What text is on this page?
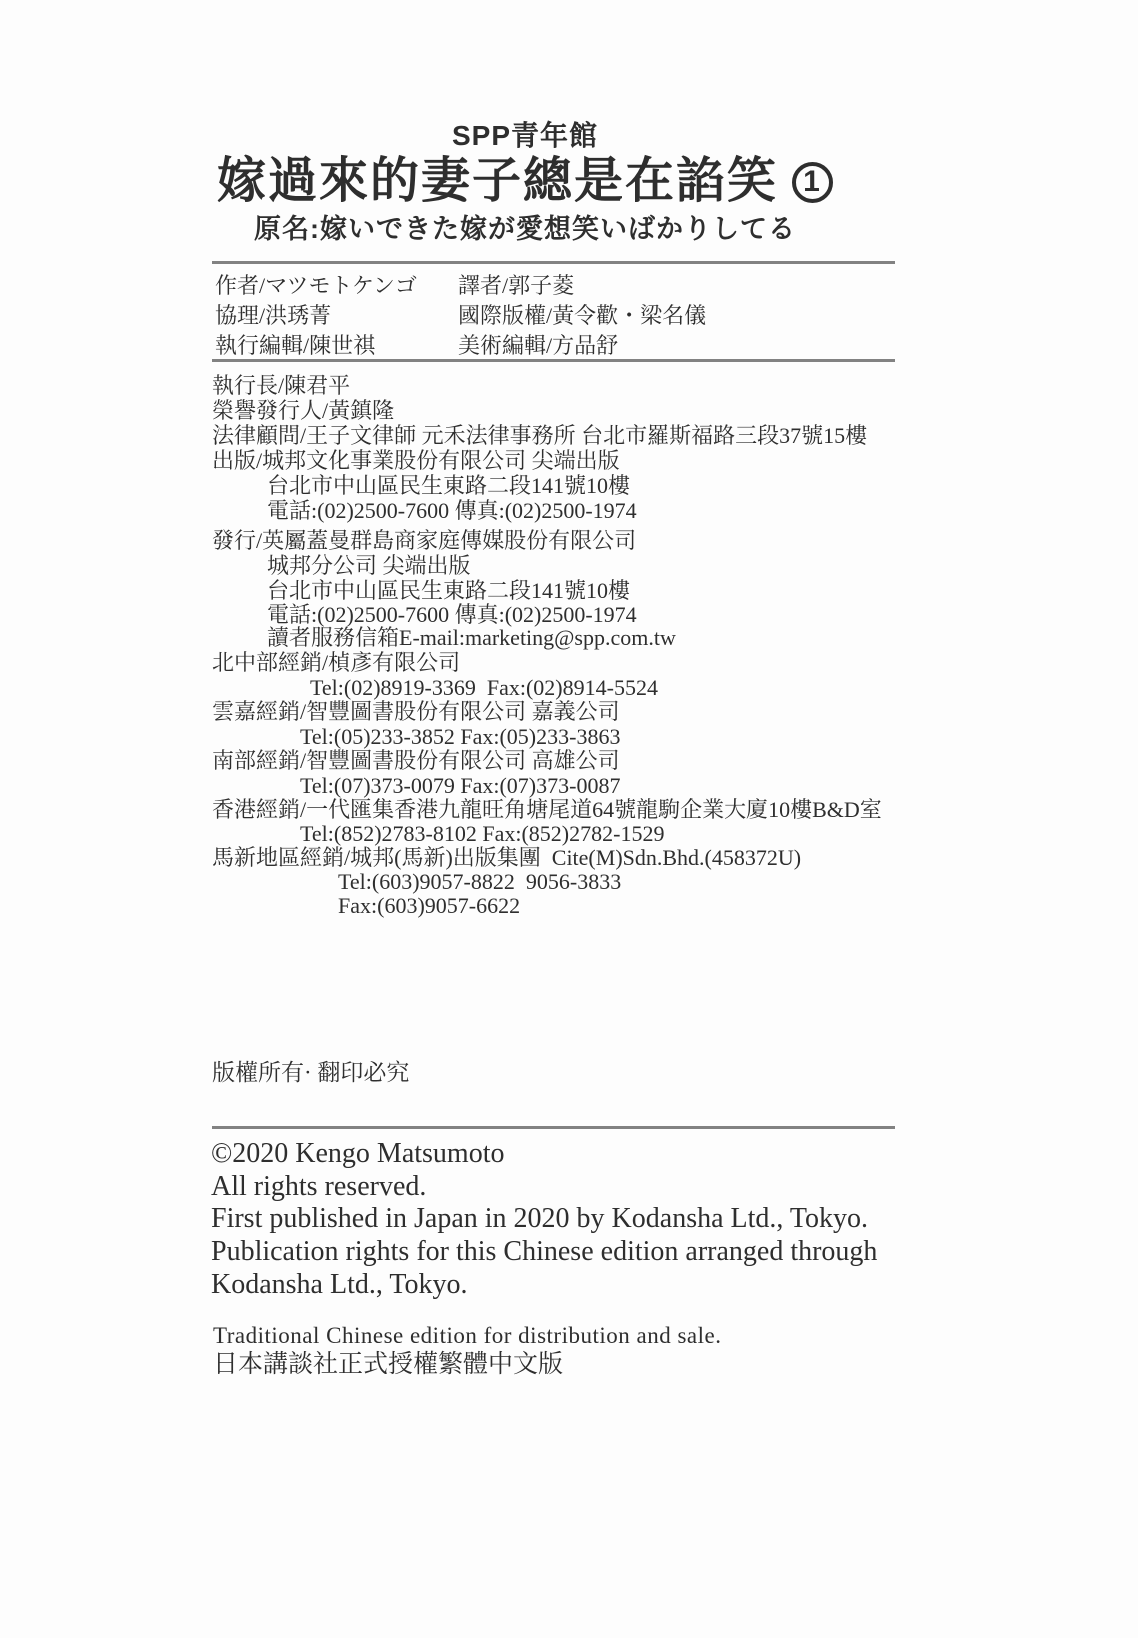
SPP青年館
嫁過來的妻子總是在諂笑 1
原名:嫁いできた嫁が愛想笑いばかりしてる
作者/マツモトケンゴ 譯者/郭子菱
協理/洪琇菁	國際版權/黃令歡・梁名儀
執行編輯/陳世祺	美術編輯/方品舒
執行長/陳君平
榮譽發行人/黃鎮隆
法律顧問/王子文律師 元禾法律事務所 台北市羅斯福路三段37號15樓
出版/城邦文化事業股份有限公司 尖端出版
台北市中山區民生東路二段141號10樓
電話:(02)2500-7600 傳真:(02)2500-1974
發行/英屬蓋曼群島商家庭傳媒股份有限公司
城邦分公司 尖端出版
台北市中山區民生東路二段141號10樓
電話:(02)2500-7600 傳真:(02)2500-1974
讀者服務信箱E-mail:marketing@spp.com.tw
北中部經銷/楨彥有限公司
Tel:(02)8919-3369  Fax:(02)8914-5524
雲嘉經銷/智豐圖書股份有限公司 嘉義公司
Tel:(05)233-3852 Fax:(05)233-3863
南部經銷/智豐圖書股份有限公司 高雄公司
Tel:(07)373-0079 Fax:(07)373-0087
香港經銷/一代匯集香港九龍旺角塘尾道64號龍駒企業大廈10樓B&D室
Tel:(852)2783-8102 Fax:(852)2782-1529
馬新地區經銷/城邦(馬新)出版集團  Cite(M)Sdn.Bhd.(458372U)
Tel:(603)9057-8822  9056-3833
Fax:(603)9057-6622
版權所有· 翻印必究
©2020 Kengo Matsumoto
All rights reserved.
First published in Japan in 2020 by Kodansha Ltd., Tokyo.
Publication rights for this Chinese edition arranged through
Kodansha Ltd., Tokyo.
Traditional Chinese edition for distribution and sale.
日本講談社正式授權繁體中文版
